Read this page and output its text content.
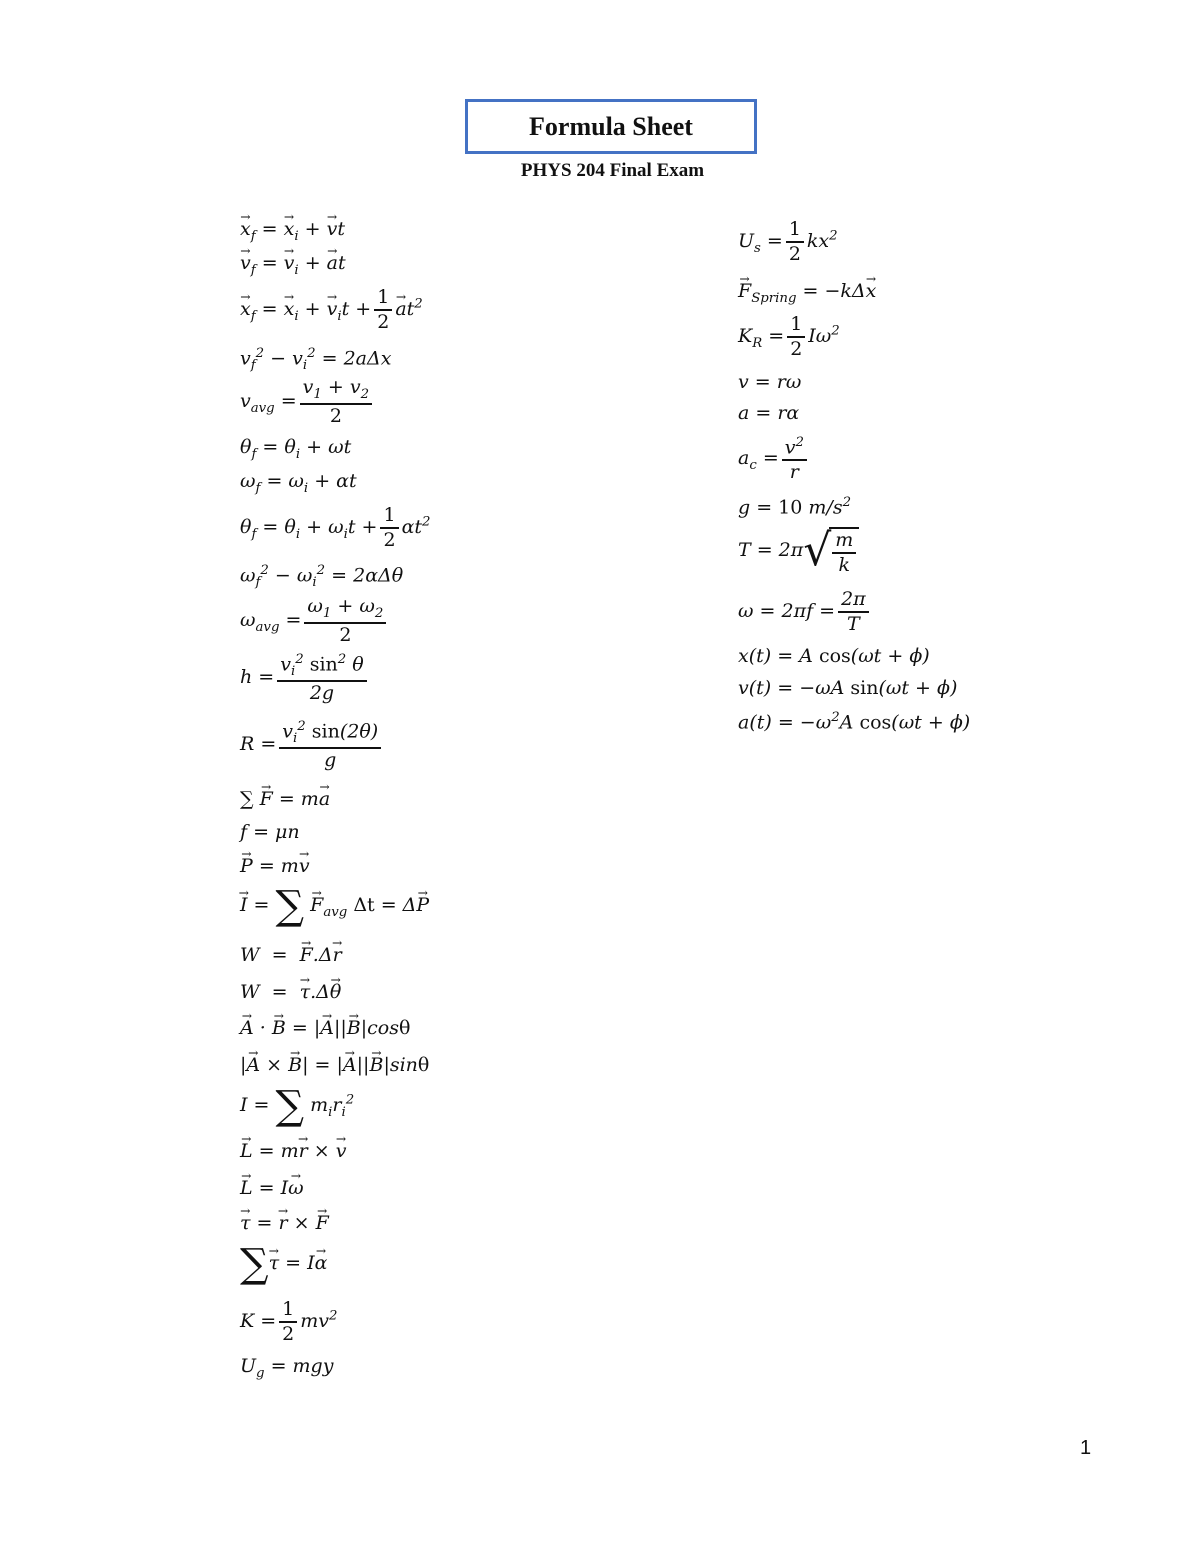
Formula Sheet
PHYS 204 Final Exam
→ $x_f$ = → $x_i$ + → vt
→ $v_f$ = → $v_i$ + → at
→ $x_f$ = → $x_i$ + → $v_it + \frac{1}{2}$
→ $at^2$
$v_f^2 - v_i^2 = 2a\Delta x$
$v_{avg} = \frac{v_1 + v_2}{2}$
$\theta_f = \theta_i + \omega t$
$\omega_f = \omega_i + \alpha t$
$\theta_f = \theta_i + \omega_it + \frac{1}{2} \alpha t^2$
$\omega_f^2 - \omega_i^2 = 2\alpha\Delta\theta$
$\omega_{avg} = \frac{\omega_1 + \omega_2}{2}$
$h = \frac{v_i^2 \sin^2 \theta}{2g}$
$R = \frac{v_i^2 \sin(2\theta)}{g}$
∑ → F = m→ a
f = μn
→ P = m→ v
→ I = ∑ → $F_{avg}$ Δt = Δ→ P
W  =  → F.Δ→ r
W  =  → τ.Δ→ θ
→ A · → B = |→ A||→ B|cosθ
|→ A × → B| = |→ A||→ B|sinθ
I = ∑ $m_ir_i^2$
→ L = m→ r × → v
→ L = I→ ω
→ τ = → r × → F
∑→ τ = I→ α
$K = \frac{1}{2} mv^2$
$U_g$ = mgy
$U_s = \frac{1}{2} kx^2$
→ $F_{Spring} = -k\Delta\to x$
$K_R = \frac{1}{2} I\omega^2$
v = rω
a = rα
$a_c = \frac{v^2}{r}$
g = 10 $m/s^2$
T = 2π √ $\frac{m}{k}$
$\omega = 2\pi f = \frac{2\pi}{T}$
x(t) = A cos(ωt + ϕ)
v(t) = −ωA sin(ωt + ϕ)
$a(t) = -\omega^2A$ cos(ωt + ϕ)
1
